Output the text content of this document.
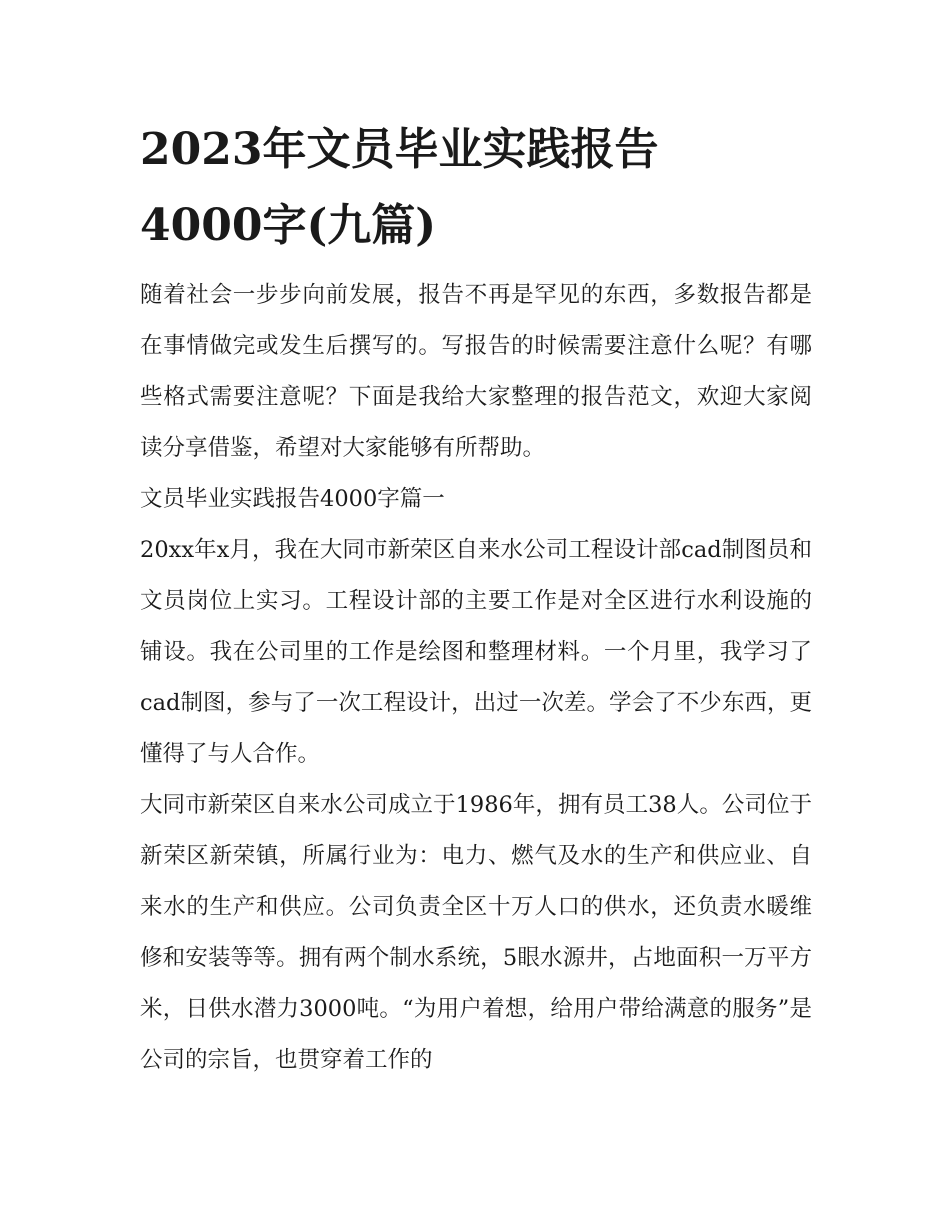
2023年文员毕业实践报告
4000字(九篇)

随着社会一步步向前发展，报告不再是罕见的东西，多数报告都是在事情做完或发生后撰写的。写报告的时候需要注意什么呢？有哪些格式需要注意呢？下面是我给大家整理的报告范文，欢迎大家阅读分享借鉴，希望对大家能够有所帮助。

文员毕业实践报告4000字篇一

20xx年x月，我在大同市新荣区自来水公司工程设计部cad制图员和文员岗位上实习。工程设计部的主要工作是对全区进行水利设施的铺设。我在公司里的工作是绘图和整理材料。一个月里，我学习了cad制图，参与了一次工程设计，出过一次差。学会了不少东西，更懂得了与人合作。

大同市新荣区自来水公司成立于1986年，拥有员工38人。公司位于新荣区新荣镇，所属行业为：电力、燃气及水的生产和供应业、自来水的生产和供应。公司负责全区十万人口的供水，还负责水暖维修和安装等等。拥有两个制水系统，5眼水源井，占地面积一万平方米，日供水潜力3000吨。“为用户着想，给用户带给满意的服务”是公司的宗旨，也贯穿着工作的
